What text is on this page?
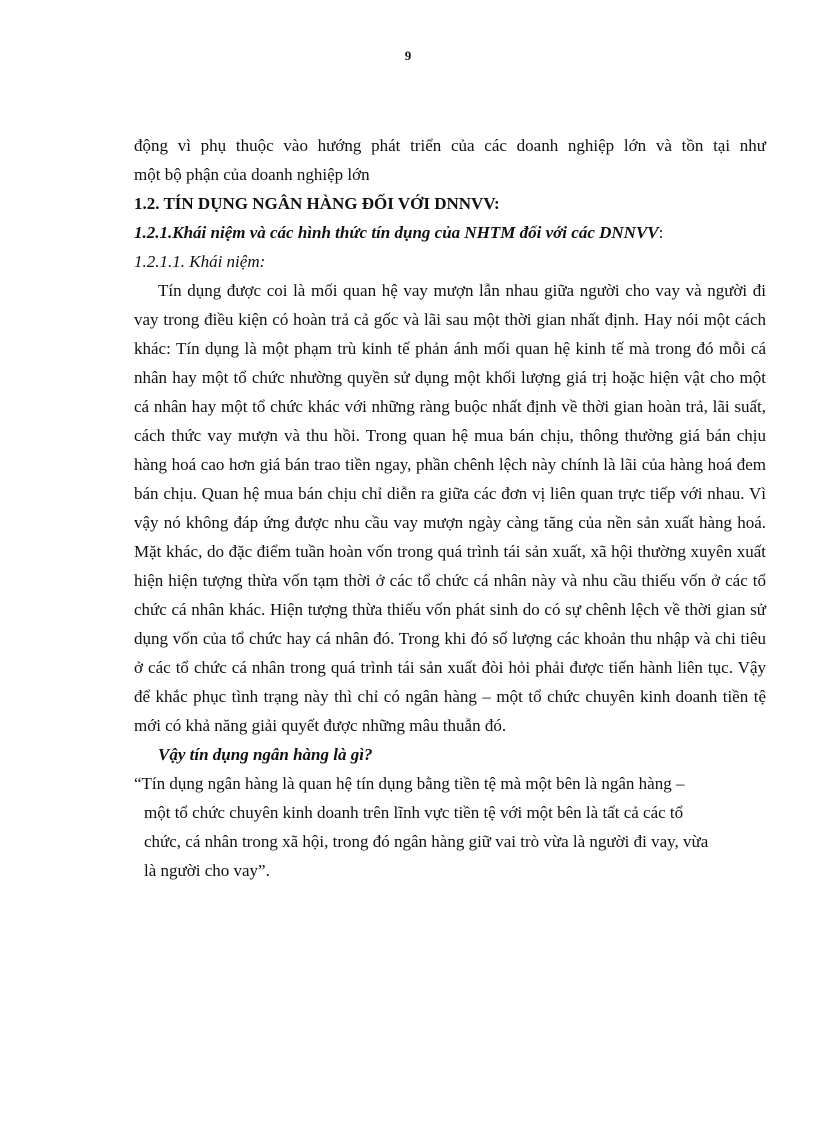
9

động vì phụ thuộc vào hướng phát triển của các doanh nghiệp lớn và tồn tại như
một bộ phận của doanh nghiệp lớn

1.2. TÍN DỤNG NGÂN HÀNG ĐỐI VỚI DNNVV:

1.2.1.Khái niệm và các hình thức tín dụng của NHTM đối với các DNNVV:

1.2.1.1. Khái niệm:

Tín dụng được coi là mối quan hệ vay mượn lẫn nhau giữa người cho vay và người đi vay trong điều kiện có hoàn trả cả gốc và lãi sau một thời gian nhất định. Hay nói một cách khác: Tín dụng là một phạm trù kinh tế phản ánh mối quan hệ kinh tế mà trong đó mỗi cá nhân hay một tổ chức nhường quyền sử dụng một khối lượng giá trị hoặc hiện vật cho một cá nhân hay một tổ chức khác với những ràng buộc nhất định về thời gian hoàn trả, lãi suất, cách thức vay mượn và thu hồi. Trong quan hệ mua bán chịu, thông thường giá bán chịu hàng hoá cao hơn giá bán trao tiền ngay, phần chênh lệch này chính là lãi của hàng hoá đem bán chịu. Quan hệ mua bán chịu chỉ diễn ra giữa các đơn vị liên quan trực tiếp với nhau. Vì vậy nó không đáp ứng được nhu cầu vay mượn ngày càng tăng của nền sản xuất hàng hoá. Mặt khác, do đặc điểm tuần hoàn vốn trong quá trình tái sản xuất, xã hội thường xuyên xuất hiện hiện tượng thừa vốn tạm thời ở các tổ chức cá nhân này và nhu cầu thiếu vốn ở các tổ chức cá nhân khác. Hiện tượng thừa thiếu vốn phát sinh do có sự chênh lệch về thời gian sử dụng vốn của tổ chức hay cá nhân đó. Trong khi đó số lượng các khoản thu nhập và chi tiêu ở các tổ chức cá nhân trong quá trình tái sản xuất đòi hỏi phải được tiến hành liên tục. Vậy để khắc phục tình trạng này thì chỉ có ngân hàng – một tổ chức chuyên kinh doanh tiền tệ mới có khả năng giải quyết được những mâu thuẫn đó.

Vậy tín dụng ngân hàng là gì?

“Tín dụng ngân hàng là quan hệ tín dụng bằng tiền tệ mà một bên là ngân hàng –
một tổ chức chuyên kinh doanh trên lĩnh vực tiền tệ với một bên là tất cả các tổ
chức, cá nhân trong xã hội, trong đó ngân hàng giữ vai trò vừa là người đi vay, vừa
là người cho vay”.
